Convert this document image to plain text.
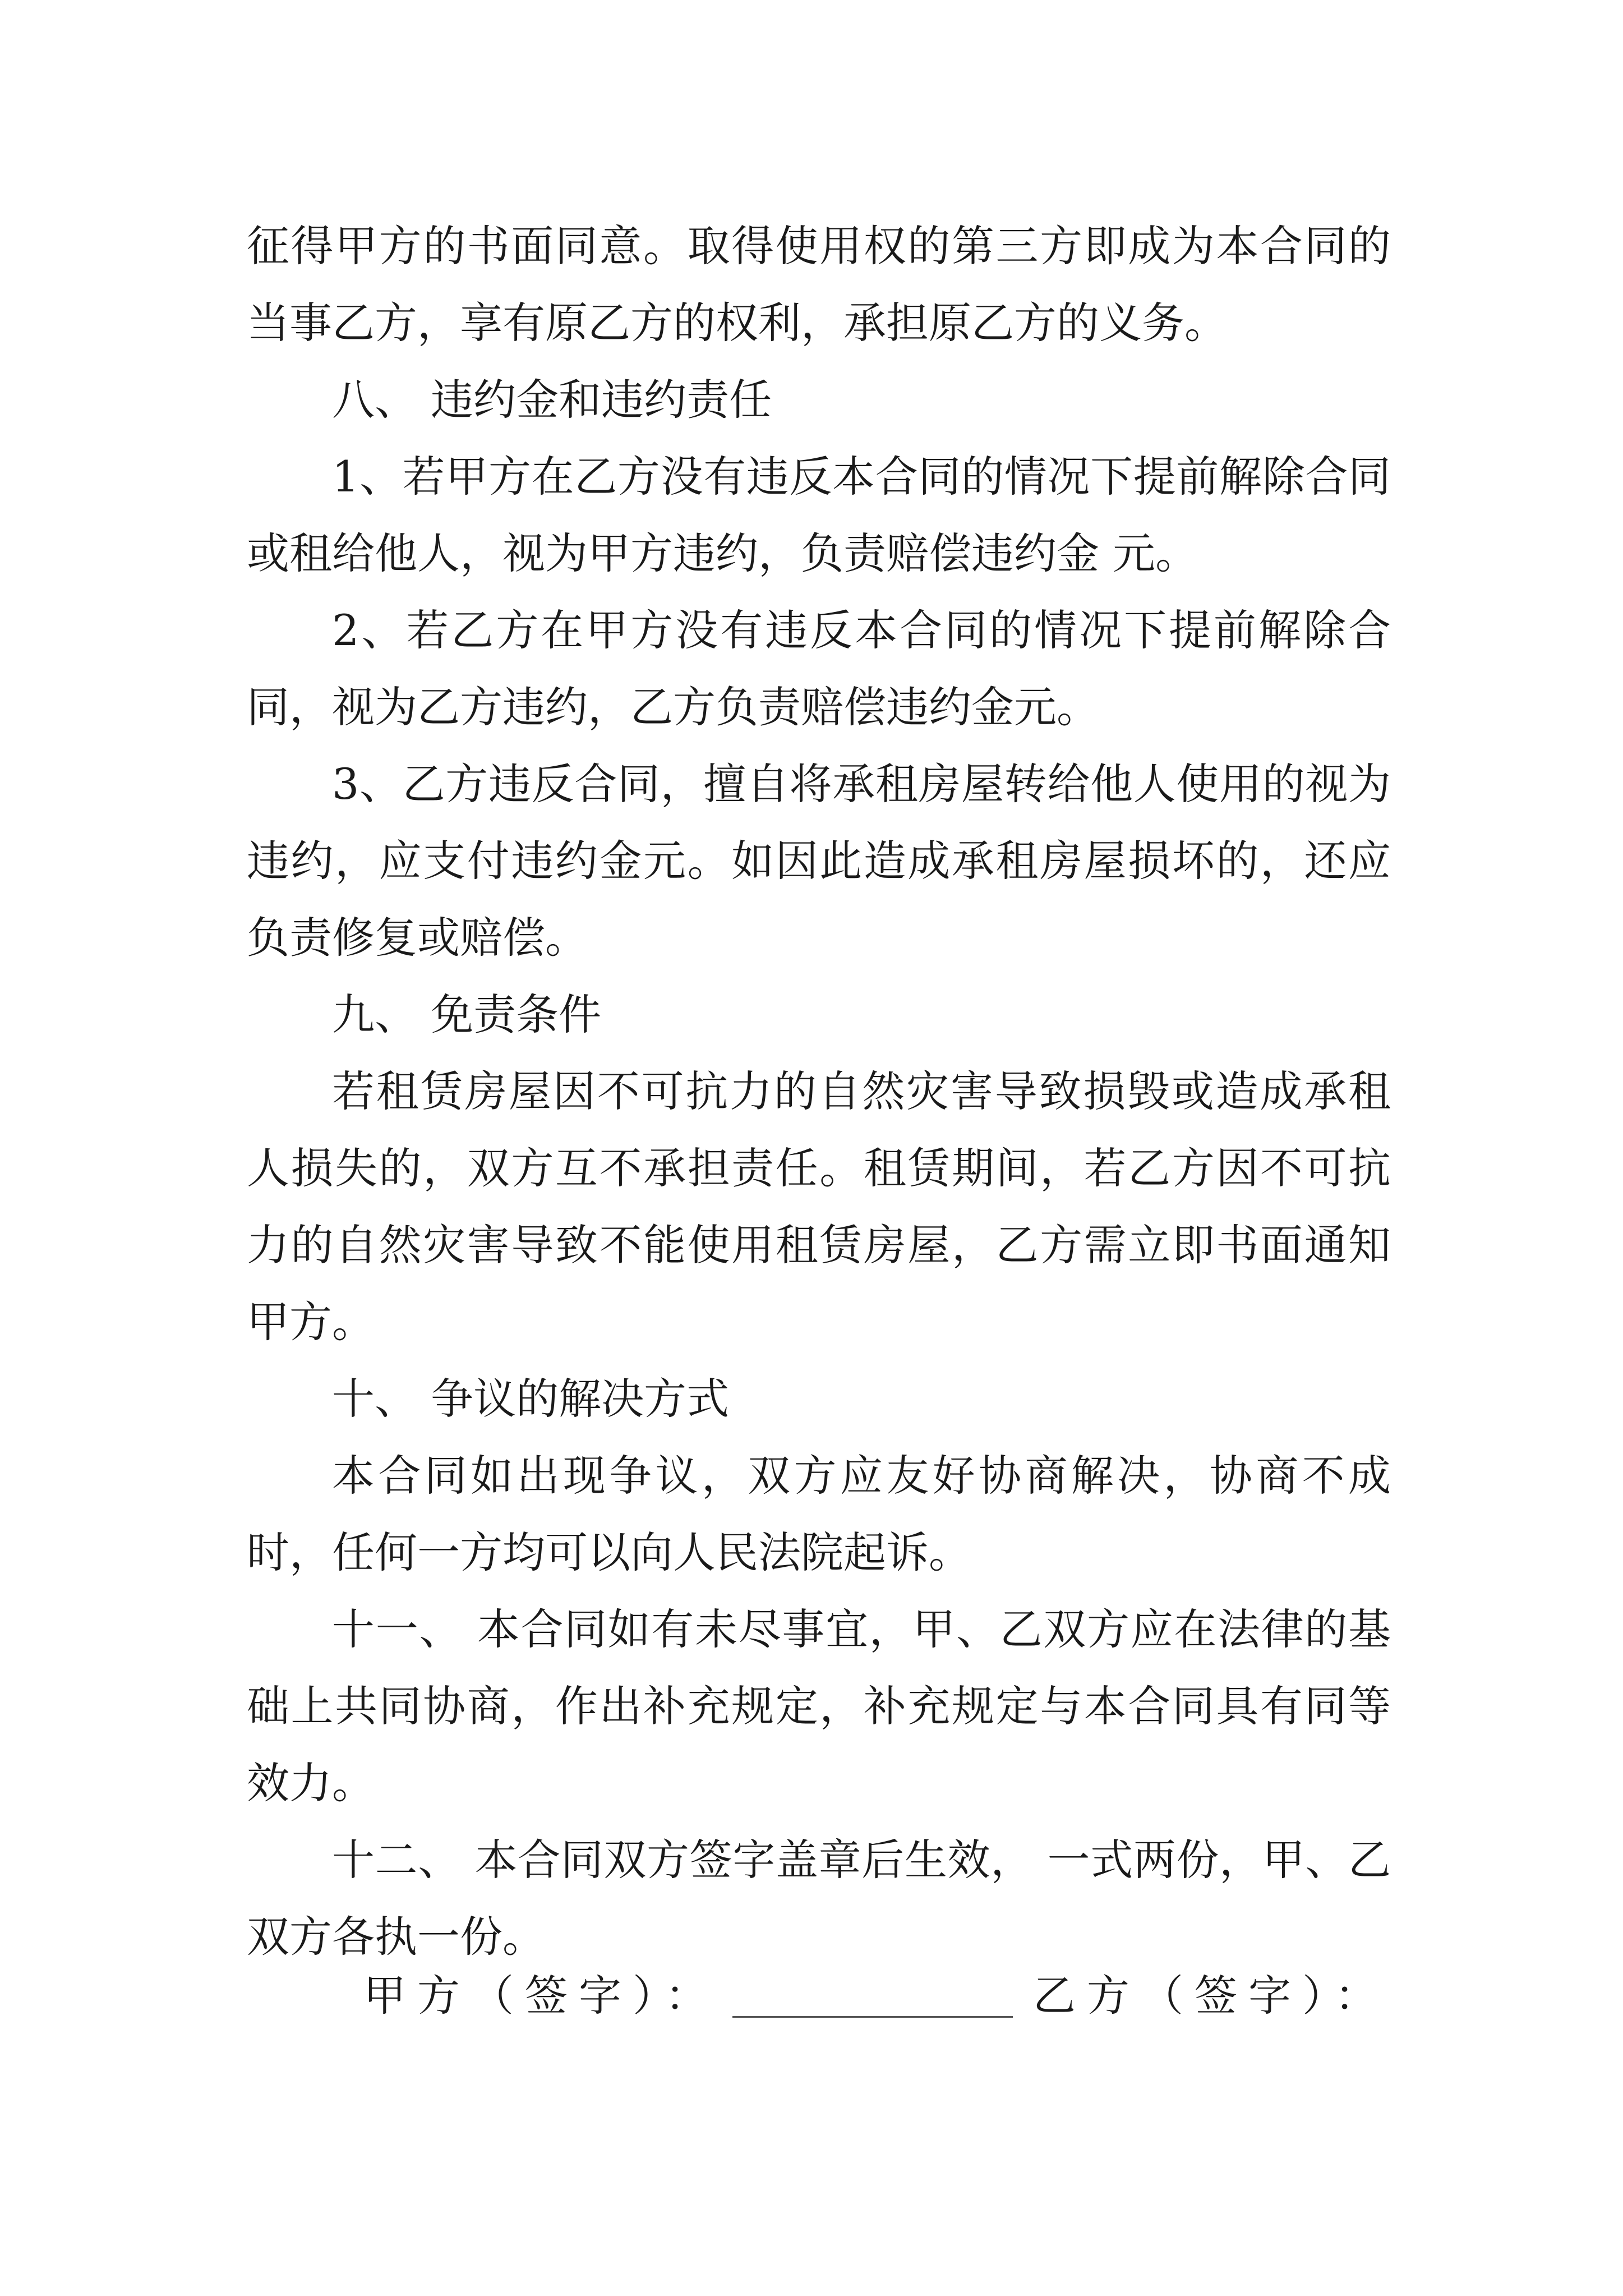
征得甲方的书面同意。取得使用权的第三方即成为本合同的当事乙方，享有原乙方的权利，承担原乙方的义务。

八、 违约金和违约责任

1、若甲方在乙方没有违反本合同的情况下提前解除合同或租给他人，视为甲方违约，负责赔偿违约金 元。

2、若乙方在甲方没有违反本合同的情况下提前解除合同，视为乙方违约，乙方负责赔偿违约金元。

3、乙方违反合同，擅自将承租房屋转给他人使用的视为违约，应支付违约金元。如因此造成承租房屋损坏的，还应负责修复或赔偿。

九、 免责条件

若租赁房屋因不可抗力的自然灾害导致损毁或造成承租人损失的，双方互不承担责任。租赁期间，若乙方因不可抗力的自然灾害导致不能使用租赁房屋，乙方需立即书面通知甲方。

十、 争议的解决方式

本合同如出现争议，双方应友好协商解决，协商不成时，任何一方均可以向人民法院起诉。

十一、 本合同如有未尽事宜，甲、乙双方应在法律的基础上共同协商，作出补充规定，补充规定与本合同具有同等效力。

十二、 本合同双方签字盖章后生效， 一式两份，甲、乙双方各执一份。

甲方（签字）：	乙方（签字）：
